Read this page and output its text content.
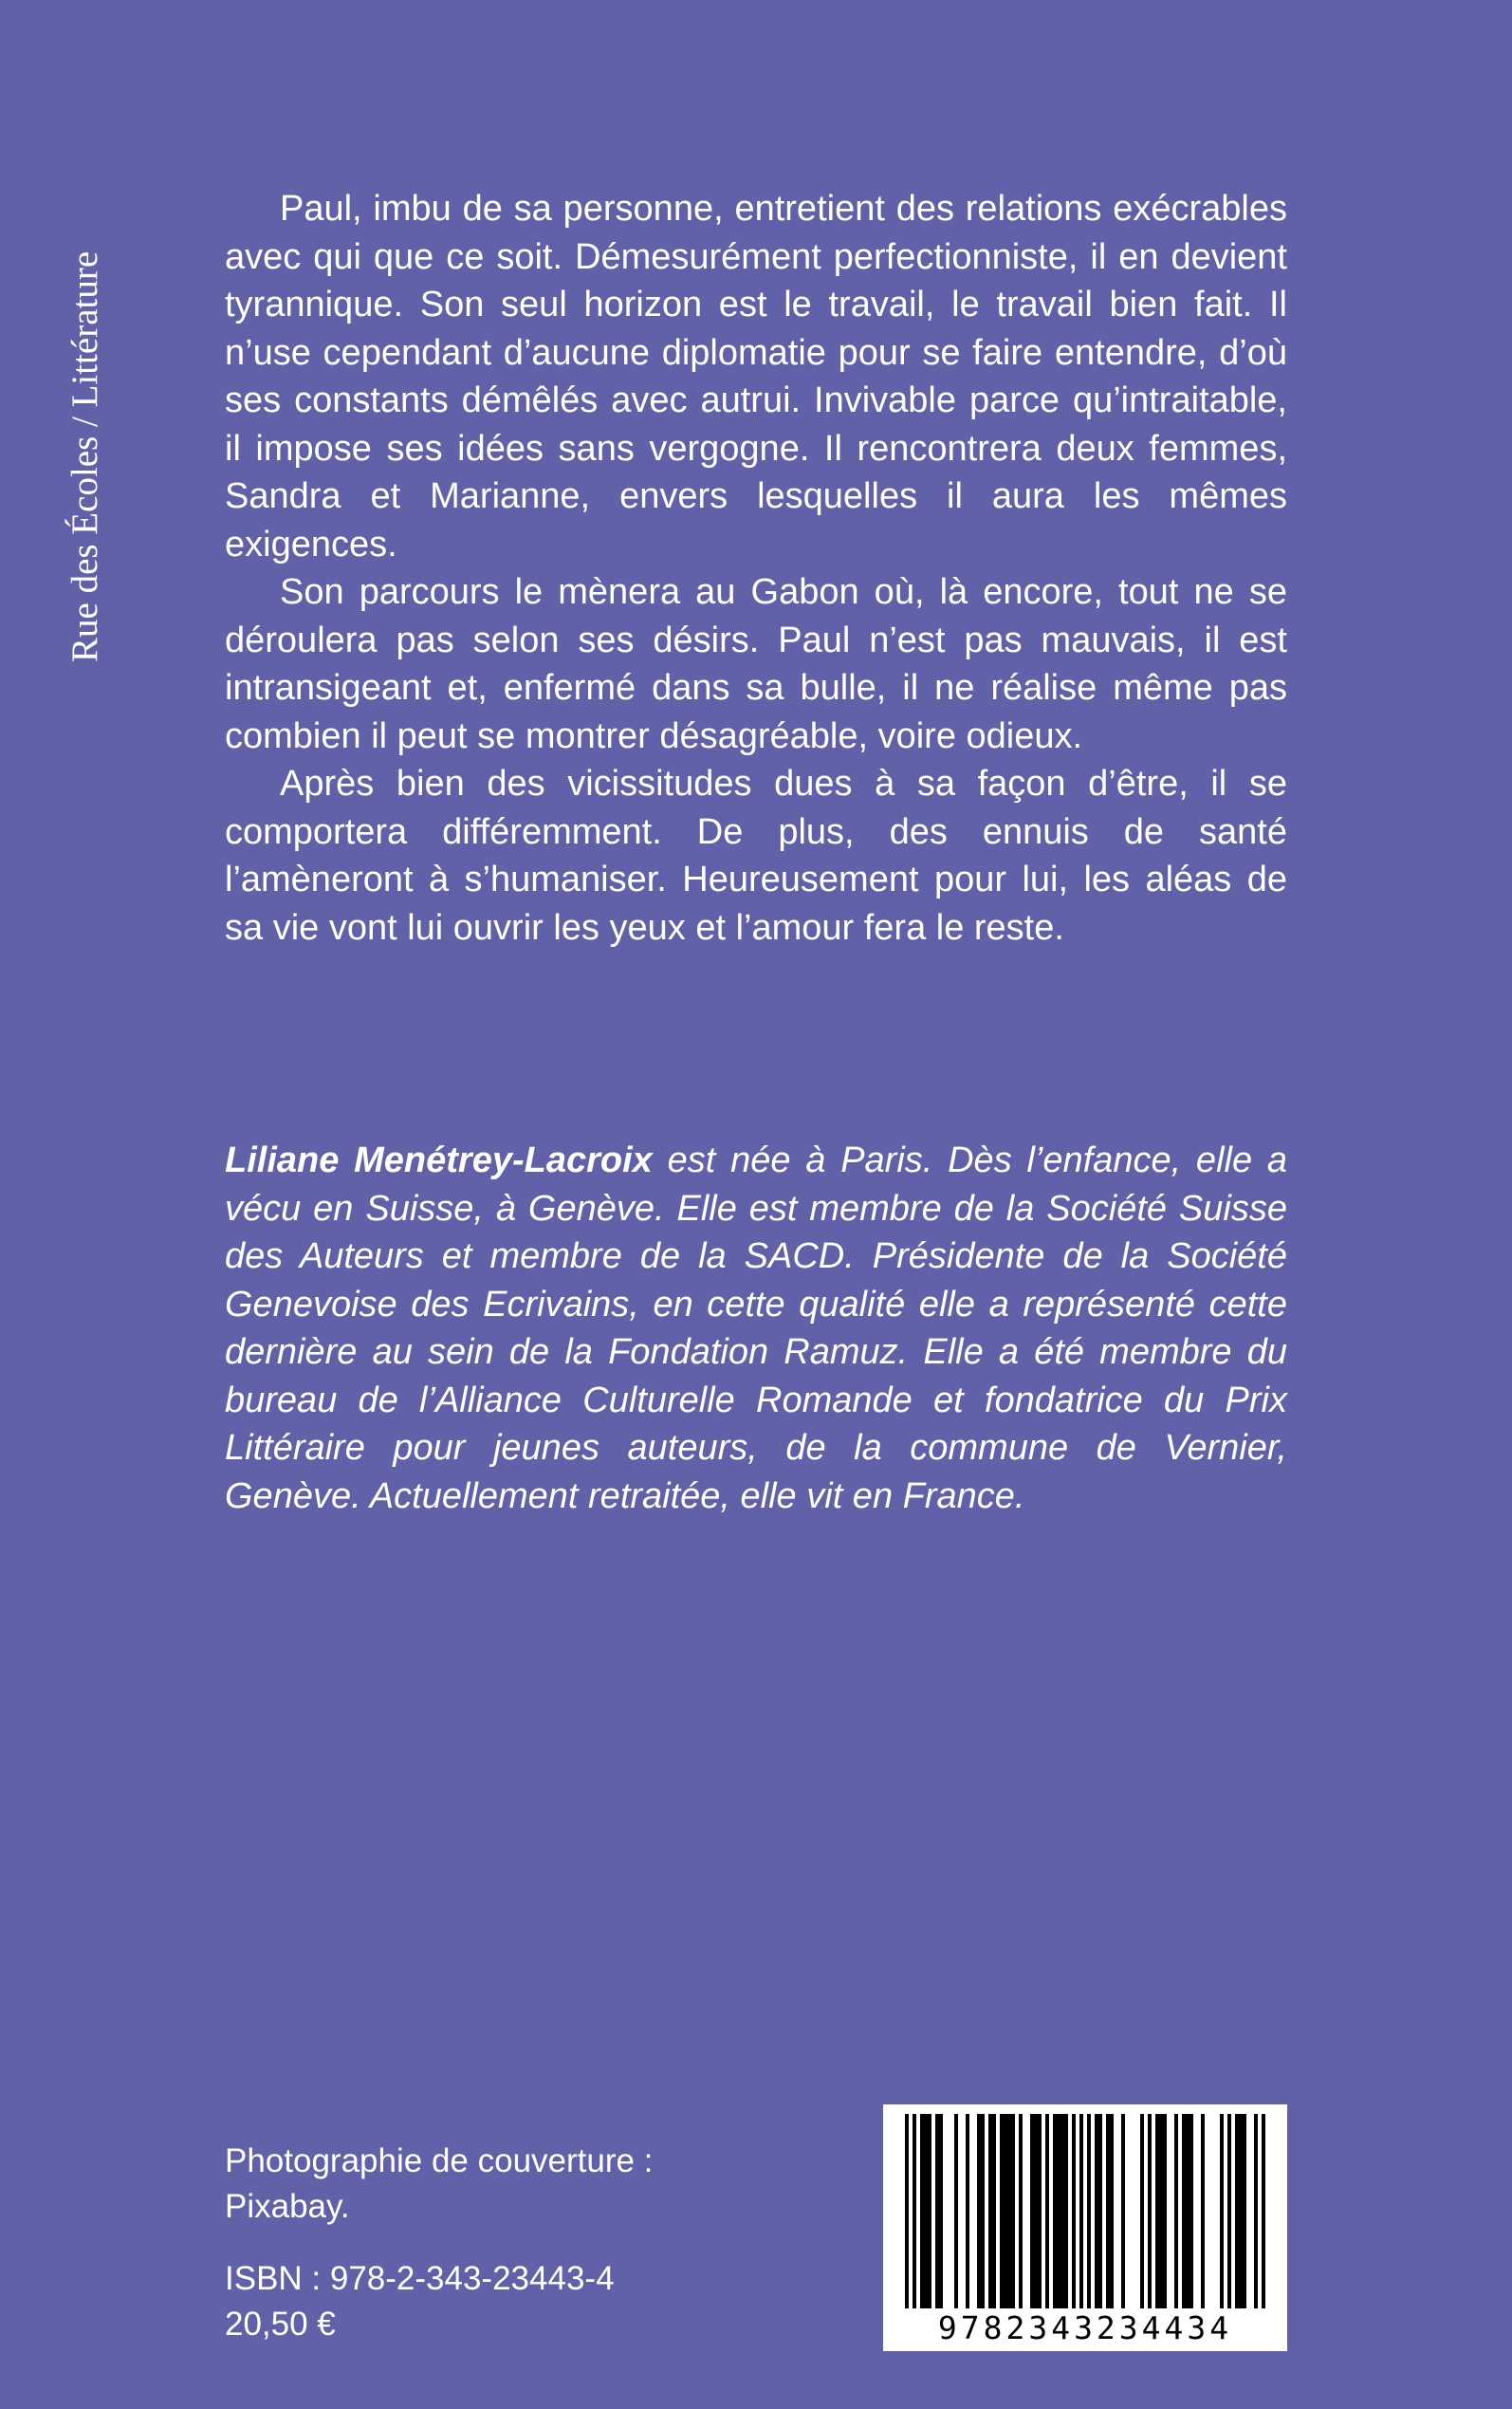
Rue des Écoles / Littérature

Paul, imbu de sa personne, entretient des relations exécrables avec qui que ce soit. Démesurément perfectionniste, il en devient tyrannique. Son seul horizon est le travail, le travail bien fait. Il n’use cependant d’aucune diplomatie pour se faire entendre, d’où ses constants démêlés avec autrui. Invivable parce qu’intraitable, il impose ses idées sans vergogne. Il rencontrera deux femmes, Sandra et Marianne, envers lesquelles il aura les mêmes exigences.

Son parcours le mènera au Gabon où, là encore, tout ne se déroulera pas selon ses désirs. Paul n’est pas mauvais, il est intransigeant et, enfermé dans sa bulle, il ne réalise même pas combien il peut se montrer désagréable, voire odieux.

Après bien des vicissitudes dues à sa façon d’être, il se comportera différemment. De plus, des ennuis de santé l’amèneront à s’humaniser. Heureusement pour lui, les aléas de sa vie vont lui ouvrir les yeux et l’amour fera le reste.

Liliane Menétrey-Lacroix est née à Paris. Dès l’enfance, elle a vécu en Suisse, à Genève. Elle est membre de la Société Suisse des Auteurs et membre de la SACD. Présidente de la Société Genevoise des Ecrivains, en cette qualité elle a représenté cette dernière au sein de la Fondation Ramuz. Elle a été membre du bureau de l’Alliance Culturelle Romande et fondatrice du Prix Littéraire pour jeunes auteurs, de la commune de Vernier, Genève. Actuellement retraitée, elle vit en France.

Photographie de couverture :
Pixabay.
ISBN : 978-2-343-23443-4
20,50 €	9782343234434
